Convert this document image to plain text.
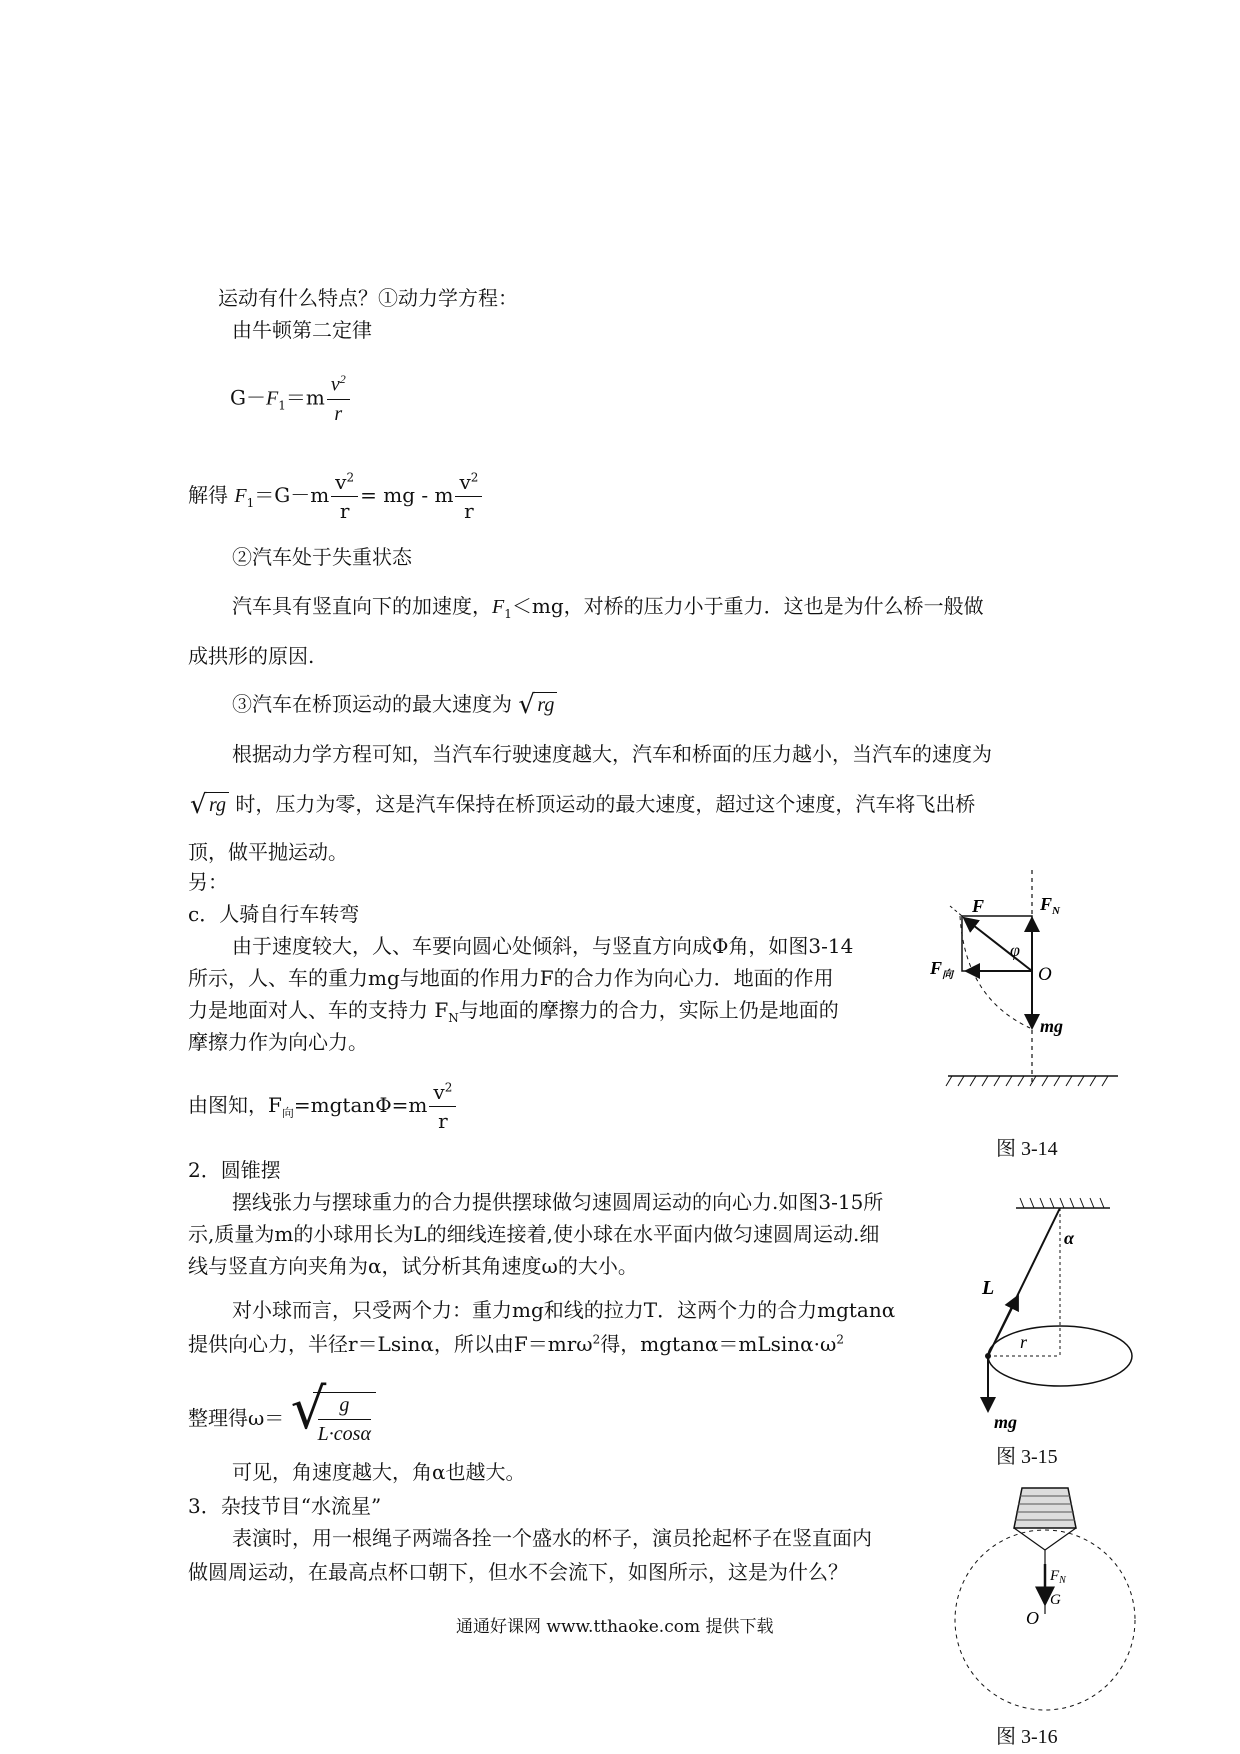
运动有什么特点？①动力学方程：
由牛顿第二定律
$G-F_1=m \frac{v^2}{r}$
解得 $F_1=G-m \frac{v^2}{r}$ = mg - m $\frac{v^2}{r}$
②汽车处于失重状态
汽车具有竖直向下的加速度，$F_1<mg$，对桥的压力小于重力．这也是为什么桥一般做
成拱形的原因.
③汽车在桥顶运动的最大速度为 √ rg
根据动力学方程可知，当汽车行驶速度越大，汽车和桥面的压力越小，当汽车的速度为
√ rg 时，压力为零，这是汽车保持在桥顶运动的最大速度，超过这个速度，汽车将飞出桥
顶，做平抛运动。
另：
c．人骑自行车转弯
由于速度较大，人、车要向圆心处倾斜，与竖直方向成Φ角，如图3-14
所示，人、车的重力mg与地面的作用力F的合力作为向心力．地面的作用
力是地面对人、车的支持力 $F_N$与地面的摩擦力的合力，实际上仍是地面的
摩擦力作为向心力。
由图知，$F_向=mgtan\Phi=m \frac{v^2}{r}$
2．圆锥摆
摆线张力与摆球重力的合力提供摆球做匀速圆周运动的向心力.如图3-15所
示,质量为m的小球用长为L的细线连接着,使小球在水平面内做匀速圆周运动.细
线与竖直方向夹角为α，试分析其角速度ω的大小。
对小球而言，只受两个力：重力mg和线的拉力T．这两个力的合力mgtanα
提供向心力，半径r＝Lsinα，所以由F＝mrω$^2$得，$mgtan\alpha=mLsin\alpha\cdot\omega^2$
整理得ω＝ √
$\frac{g}{L\cdot\cos\alpha}$
可见，角速度越大，角α也越大。
3．杂技节目“水流星”
表演时，用一根绳子两端各拴一个盛水的杯子，演员抡起杯子在竖直面内
做圆周运动，在最高点杯口朝下，但水不会流下，如图所示，这是为什么？
F	$F_N$
φ
$F_向$	O
mg
图 3-14
α
L
r
mg
图 3-15
$F_N$
G
O
图 3-16
通通好课网 www.tthaoke.com 提供下载
